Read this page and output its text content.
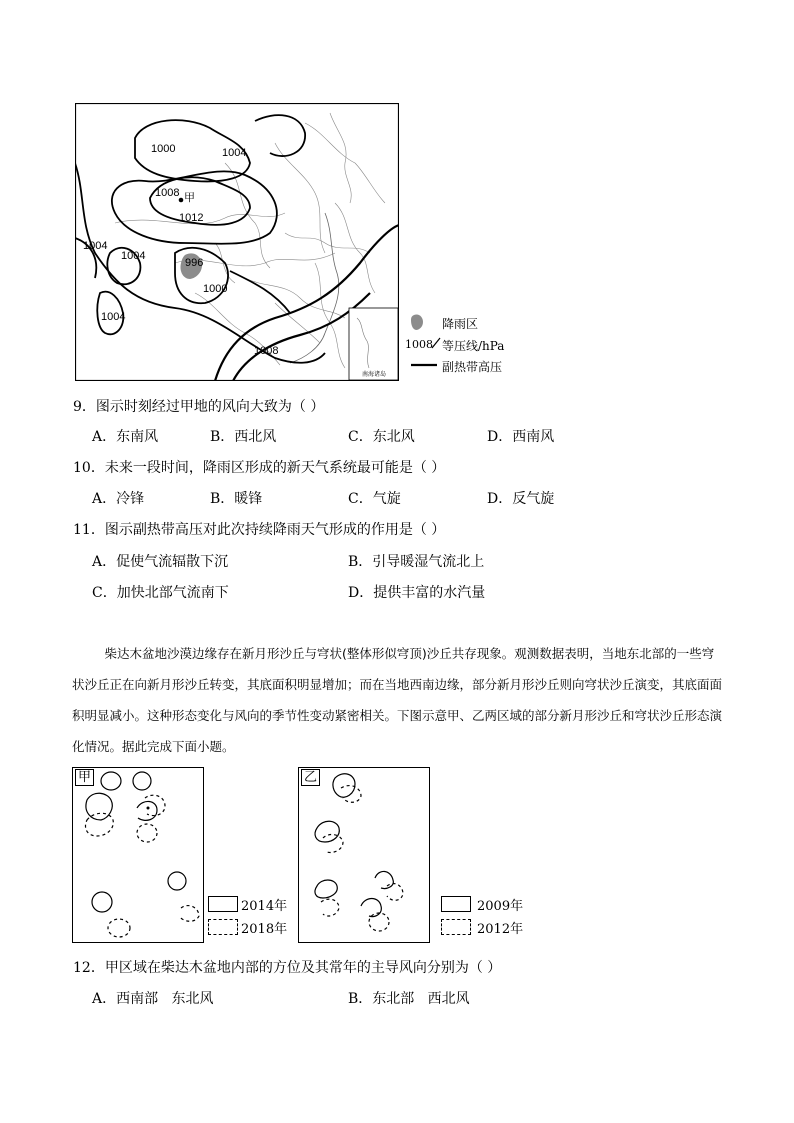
1000	1004
1008 甲
1012
1004
1004
996
1000
1004
1008
南海诸岛
降雨区
1008 等压线/hPa
副热带高压
9．图示时刻经过甲地的风向大致为（ ）
A．东南风	B．西北风	C．东北风	D．西南风
10．未来一段时间，降雨区形成的新天气系统最可能是（ ）
A．冷锋	B．暖锋	C．气旋	D．反气旋
11．图示副热带高压对此次持续降雨天气形成的作用是（ ）
A．促使气流辐散下沉	B．引导暖湿气流北上
C．加快北部气流南下	D．提供丰富的水汽量
柴达木盆地沙漠边缘存在新月形沙丘与穹状(整体形似穹顶)沙丘共存现象。观测数据表明，当地东北部的一些穹状沙丘正在向新月形沙丘转变，其底面积明显增加；而在当地西南边缘，部分新月形沙丘则向穹状沙丘演变，其底面面积明显减小。这种形态变化与风向的季节性变动紧密相关。下图示意甲、乙两区域的部分新月形沙丘和穹状沙丘形态演化情况。据此完成下面小题。
甲
2014年
2018年
乙
2009年
2012年
12．甲区域在柴达木盆地内部的方位及其常年的主导风向分别为（ ）
A．西南部   东北风	B．东北部   西北风
